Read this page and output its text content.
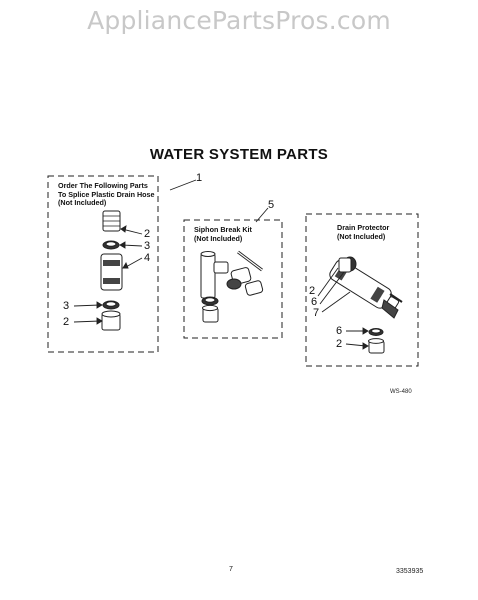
AppliancePartsPros.com
WATER SYSTEM PARTS
Order The Following Parts
To Splice Plastic Drain Hose
(Not Included)
Siphon Break Kit
(Not Included)
Drain Protector
(Not Included)
1
5
2
3
4
3
2
2
6
7
6
2
WS-480
7	3353935
